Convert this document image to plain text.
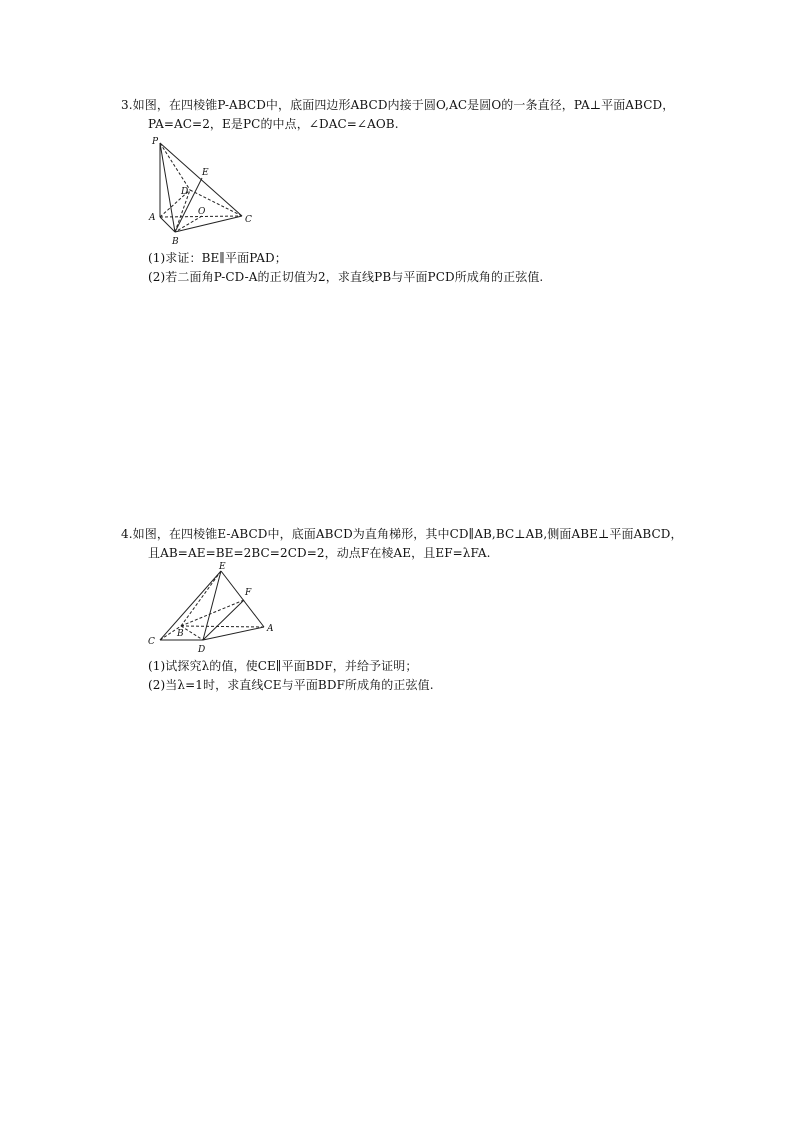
3.如图，在四棱锥P-ABCD中，底面四边形ABCD内接于圆O,AC是圆O的一条直径，PA⊥平面ABCD，
PA=AC=2，E是PC的中点，∠DAC=∠AOB.
P
E
D
A
O
C
B
(1)求证：BE∥平面PAD；
(2)若二面角P-CD-A的正切值为2，求直线PB与平面PCD所成角的正弦值.
4.如图，在四棱锥E-ABCD中，底面ABCD为直角梯形，其中CD∥AB,BC⊥AB,侧面ABE⊥平面ABCD，
且AB=AE=BE=2BC=2CD=2，动点F在棱AE，且EF=λFA.
E
F
C
B
D
A
(1)试探究λ的值，使CE∥平面BDF，并给予证明；
(2)当λ=1时，求直线CE与平面BDF所成角的正弦值.
